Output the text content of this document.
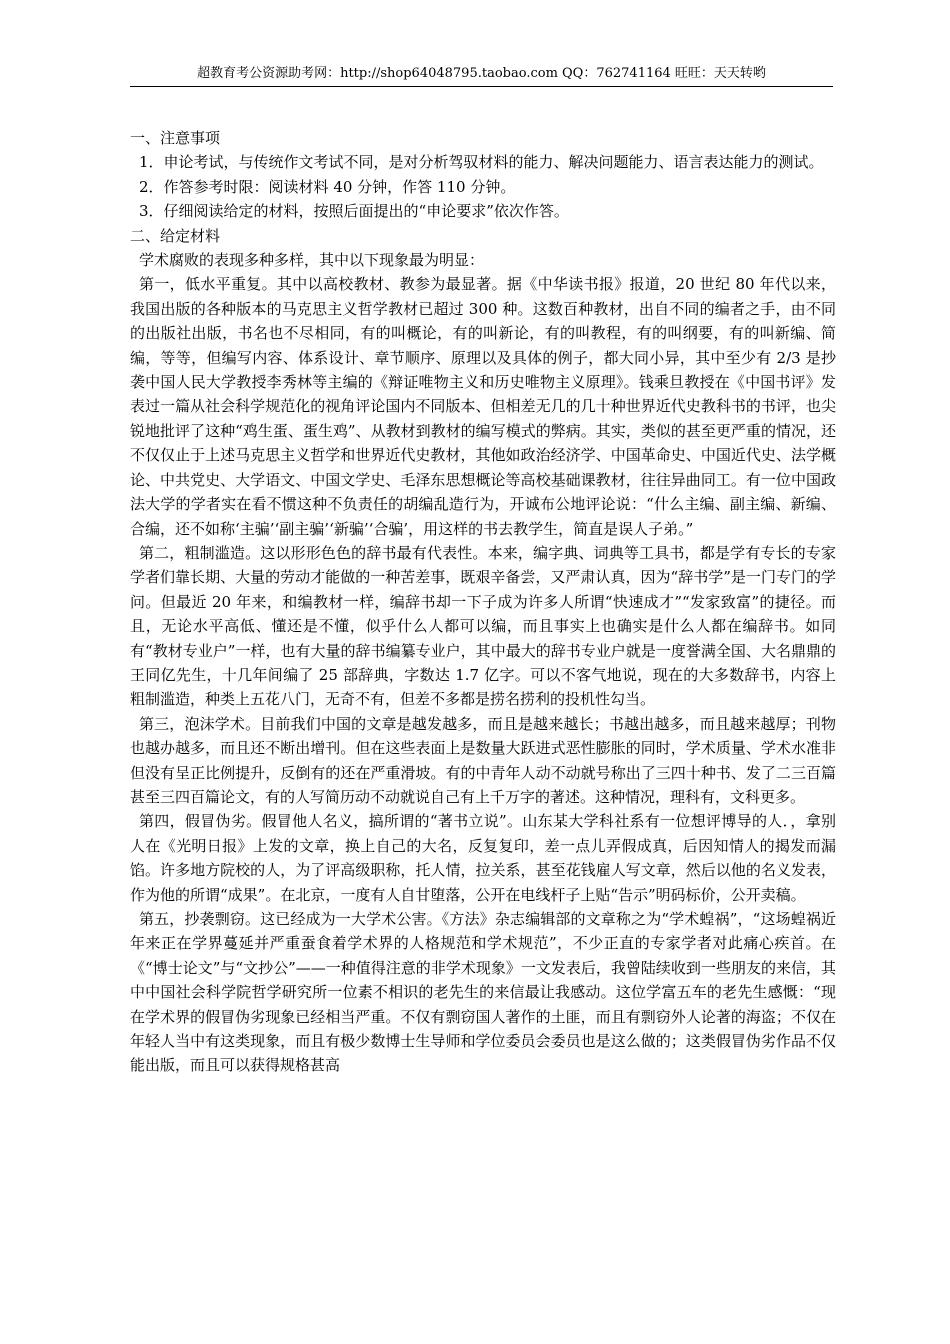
超教育考公资源助考网：http://shop64048795.taobao.com QQ：762741164 旺旺：天天转哟

一、注意事项

1．申论考试，与传统作文考试不同，是对分析驾驭材料的能力、解决问题能力、语言表达能力的测试。

2．作答参考时限：阅读材料 40 分钟，作答 110 分钟。

3．仔细阅读给定的材料，按照后面提出的“申论要求”依次作答。

二、给定材料

学术腐败的表现多种多样，其中以下现象最为明显：

第一，低水平重复。其中以高校教材、教参为最显著。据《中华读书报》报道，20 世纪 80 年代以来，我国出版的各种版本的马克思主义哲学教材已超过 300 种。这数百种教材，出自不同的编者之手，由不同的出版社出版，书名也不尽相同，有的叫概论，有的叫新论，有的叫教程，有的叫纲要，有的叫新编、简编，等等，但编写内容、体系设计、章节顺序、原理以及具体的例子，都大同小异，其中至少有 2/3 是抄袭中国人民大学教授李秀林等主编的《辩证唯物主义和历史唯物主义原理》。钱乘旦教授在《中国书评》发表过一篇从社会科学规范化的视角评论国内不同版本、但相差无几的几十种世界近代史教科书的书评，也尖锐地批评了这种“鸡生蛋、蛋生鸡”、从教材到教材的编写模式的弊病。其实，类似的甚至更严重的情况，还不仅仅止于上述马克思主义哲学和世界近代史教材，其他如政治经济学、中国革命史、中国近代史、法学概论、中共党史、大学语文、中国文学史、毛泽东思想概论等高校基础课教材，往往异曲同工。有一位中国政法大学的学者实在看不惯这种不负责任的胡编乱造行为，开诚布公地评论说：“什么主编、副主编、新编、合编，还不如称‘主骗’‘副主骗’‘新骗’‘合骗’，用这样的书去教学生，简直是误人子弟。”

第二，粗制滥造。这以形形色色的辞书最有代表性。本来，编字典、词典等工具书，都是学有专长的专家学者们靠长期、大量的劳动才能做的一种苦差事，既艰辛备尝，又严肃认真，因为“辞书学”是一门专门的学问。但最近 20 年来，和编教材一样，编辞书却一下子成为许多人所谓“快速成才”“发家致富”的捷径。而且，无论水平高低、懂还是不懂，似乎什么人都可以编，而且事实上也确实是什么人都在编辞书。如同有“教材专业户”一样，也有大量的辞书编纂专业户，其中最大的辞书专业户就是一度誉满全国、大名鼎鼎的王同亿先生，十几年间编了 25 部辞典，字数达 1.7 亿字。可以不客气地说，现在的大多数辞书，内容上粗制滥造，种类上五花八门，无奇不有，但差不多都是捞名捞利的投机性勾当。

第三，泡沫学术。目前我们中国的文章是越发越多，而且是越来越长；书越出越多，而且越来越厚；刊物也越办越多，而且还不断出增刊。但在这些表面上是数量大跃进式恶性膨胀的同时，学术质量、学术水准非但没有呈正比例提升，反倒有的还在严重滑坡。有的中青年人动不动就号称出了三四十种书、发了二三百篇甚至三四百篇论文，有的人写简历动不动就说自己有上千万字的著述。这种情况，理科有，文科更多。

第四，假冒伪劣。假冒他人名义，搞所谓的“著书立说”。山东某大学科社系有一位想评博导的人．，拿别人在《光明日报》上发的文章，换上自己的大名，反复复印，差一点儿弄假成真，后因知情人的揭发而漏馅。许多地方院校的人，为了评高级职称，托人情，拉关系，甚至花钱雇人写文章，然后以他的名义发表，作为他的所谓“成果”。在北京，一度有人自甘堕落，公开在电线杆子上贴“告示”明码标价，公开卖稿。

第五，抄袭剽窃。这已经成为一大学术公害。《方法》杂志编辑部的文章称之为“学术蝗祸”，“这场蝗祸近年来正在学界蔓延并严重蚕食着学术界的人格规范和学术规范”，不少正直的专家学者对此痛心疾首。在《“博士论文”与“文抄公”——一种值得注意的非学术现象》一文发表后，我曾陆续收到一些朋友的来信，其中中国社会科学院哲学研究所一位素不相识的老先生的来信最让我感动。这位学富五车的老先生感慨：“现在学术界的假冒伪劣现象已经相当严重。不仅有剽窃国人著作的土匪，而且有剽窃外人论著的海盗；不仅在年轻人当中有这类现象，而且有极少数博士生导师和学位委员会委员也是这么做的；这类假冒伪劣作品不仅能出版，而且可以获得规格甚高
